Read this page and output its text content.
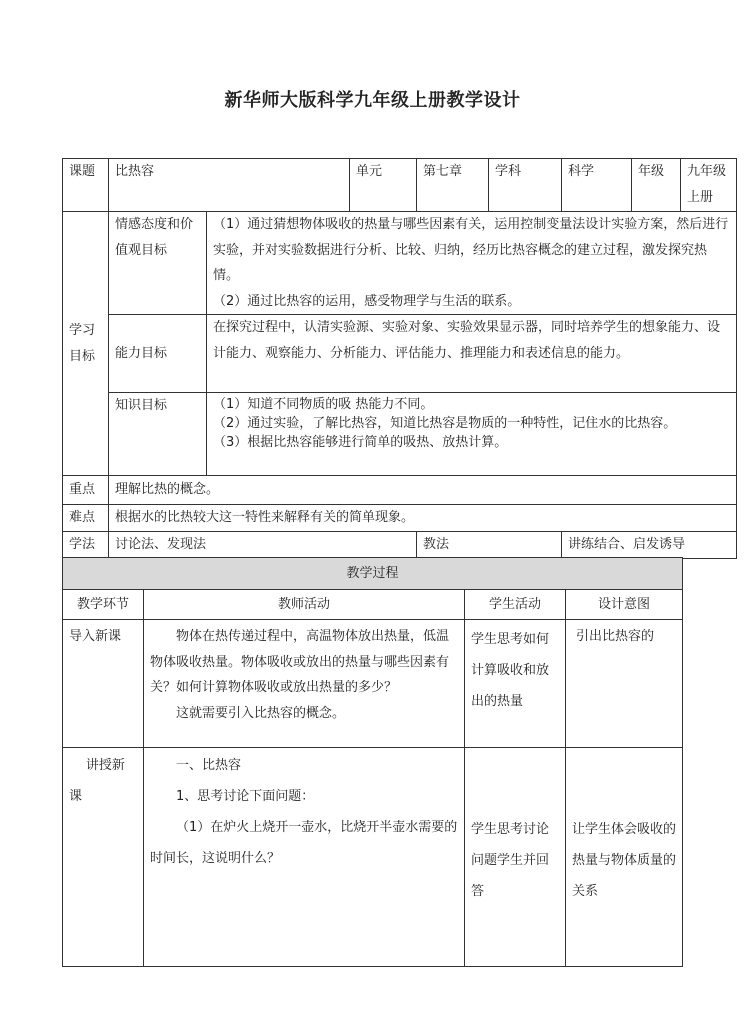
新华师大版科学九年级上册教学设计
课题	比热容		单元	第七章	学科	科学	年级	九年级上册
学习目标	情感态度和价值观目标	（1）通过猜想物体吸收的热量与哪些因素有关，运用控制变量法设计实验方案，然后进行实验，并对实验数据进行分析、比较、归纳，经历比热容概念的建立过程，激发探究热情。

（2）通过比热容的运用，感受物理学与生活的联系。						

	能力目标	在探究过程中，认清实验源、实验对象、实验效果显示器，同时培养学生的想象能力、设计能力、观察能力、分析能力、评估能力、推理能力和表述信息的能力。						
	知识目标	（1）知道不同物质的吸 热能力不同。

（2）通过实验，了解比热容，知道比热容是物质的一种特性，记住水的比热容。

（3）根据比热容能够进行简单的吸热、放热计算。						

重点	理解比热的概念。							
难点	根据水的比热较大这一特性来解释有关的简单现象。							
学法	讨论法、发现法			教法		讲练结合、启发诱导		
教学过程			
教学环节	教师活动	学生活动	设计意图
导入新课	物体在热传递过程中，高温物体放出热量，低温物体吸收热量。物体吸收或放出的热量与哪些因素有关？如何计算物体吸收或放出热量的多少？

这就需要引入比热容的概念。	学生思考如何计算吸收和放出的热量	引出比热容的
讲授新课	一、比热容

1、思考讨论下面问题：

（1）在炉火上烧开一壶水，比烧开半壶水需要的时间长，这说明什么？	学生思考讨论问题学生并回答	让学生体会吸收的热量与物体质量的关系
